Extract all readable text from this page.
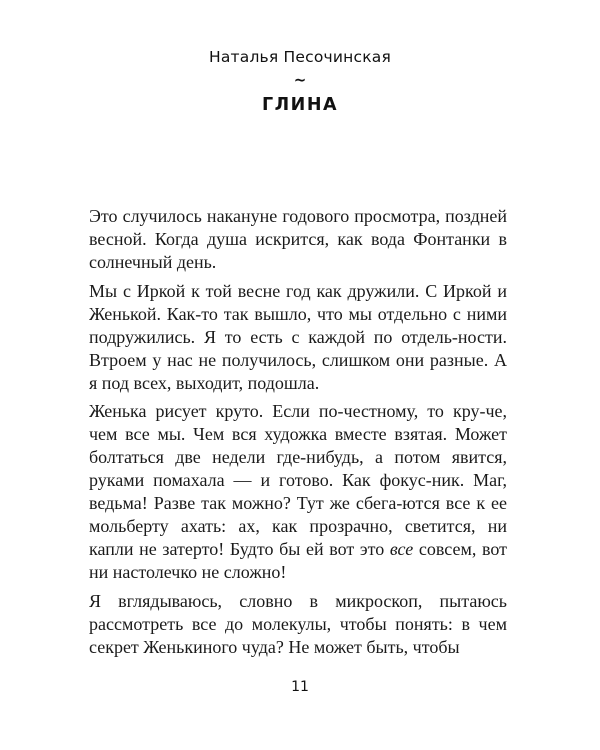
Наталья Песочинская
~
ГЛИНА

Это случилось накануне годового просмотра, поздней весной. Когда душа искрится, как вода Фонтанки в солнечный день.

Мы с Иркой к той весне год как дружили. С Иркой и Женькой. Как-то так вышло, что мы отдельно с ними подружились. Я то есть с каждой по отдель-ности. Втроем у нас не получилось, слишком они разные. А я под всех, выходит, подошла.

Женька рисует круто. Если по-честному, то кру-че, чем все мы. Чем вся художка вместе взятая. Может болтаться две недели где-нибудь, а потом явится, руками помахала — и готово. Как фокус-ник. Маг, ведьма! Разве так можно? Тут же сбега-ются все к ее мольберту ахать: ах, как прозрачно, светится, ни капли не затерто! Будто бы ей вот это все совсем, вот ни настолечко не сложно!

Я вглядываюсь, словно в микроскоп, пытаюсь рассмотреть все до молекулы, чтобы понять: в чем секрет Женькиного чуда? Не может быть, чтобы

11
